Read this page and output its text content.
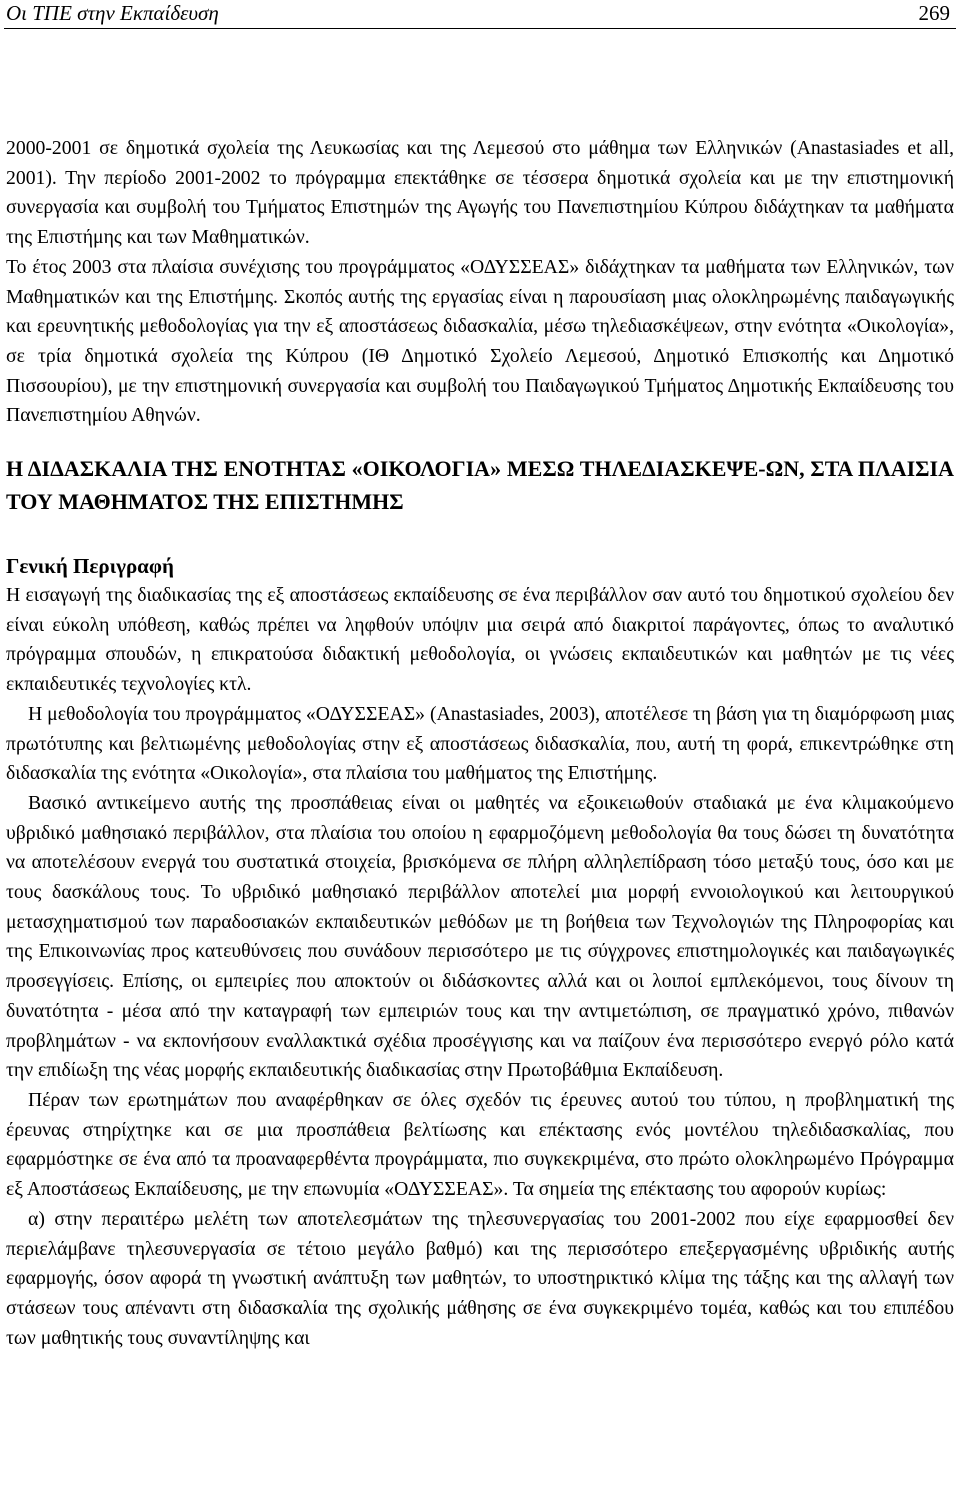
Οι ΤΠΕ στην Εκπαίδευση	269

2000-2001 σε δημοτικά σχολεία της Λευκωσίας και της Λεμεσού στο μάθημα των Ελληνικών (Anastasiades et all, 2001). Την περίοδο 2001-2002 το πρόγραμμα επεκτάθηκε σε τέσσερα δημοτικά σχολεία και με την επιστημονική συνεργασία και συμβολή του Τμήματος Επιστημών της Αγωγής του Πανεπιστημίου Κύπρου διδάχτηκαν τα μαθήματα της Επιστήμης και των Μαθηματικών.

Το έτος 2003 στα πλαίσια συνέχισης του προγράμματος «ΟΔΥΣΣΕΑΣ» διδάχτηκαν τα μαθήματα των Ελληνικών, των Μαθηματικών και της Επιστήμης. Σκοπός αυτής της εργασίας είναι η παρουσίαση μιας ολοκληρωμένης παιδαγωγικής και ερευνητικής μεθοδολογίας για την εξ αποστάσεως διδασκαλία, μέσω τηλεδιασκέψεων, στην ενότητα «Οικολογία», σε τρία δημοτικά σχολεία της Κύπρου (ΙΘ Δημοτικό Σχολείο Λεμεσού, Δημοτικό Επισκοπής και Δημοτικό Πισσουρίου), με την επιστημονική συνεργασία και συμβολή του Παιδαγωγικού Τμήματος Δημοτικής Εκπαίδευσης του Πανεπιστημίου Αθηνών.

Η ΔΙΔΑΣΚΑΛΙΑ ΤΗΣ ΕΝΟΤΗΤΑΣ «ΟΙΚΟΛΟΓΙΑ» ΜΕΣΩ ΤΗΛΕΔΙΑΣΚΕΨΕ-ΩΝ, ΣΤΑ ΠΛΑΙΣΙΑ ΤΟΥ ΜΑΘΗΜΑΤΟΣ ΤΗΣ ΕΠΙΣΤΗΜΗΣ
Γενική Περιγραφή

Η εισαγωγή της διαδικασίας της εξ αποστάσεως εκπαίδευσης σε ένα περιβάλλον σαν αυτό του δημοτικού σχολείου δεν είναι εύκολη υπόθεση, καθώς πρέπει να ληφθούν υπόψιν μια σειρά από διακριτοί παράγοντες, όπως το αναλυτικό πρόγραμμα σπουδών, η επικρατούσα διδακτική μεθοδολογία, οι γνώσεις εκπαιδευτικών και μαθητών με τις νέες εκπαιδευτικές τεχνολογίες κτλ.

Η μεθοδολογία του προγράμματος «ΟΔΥΣΣΕΑΣ» (Anastasiades, 2003), αποτέλεσε τη βάση για τη διαμόρφωση μιας πρωτότυπης και βελτιωμένης μεθοδολογίας στην εξ αποστάσεως διδασκαλία, που, αυτή τη φορά, επικεντρώθηκε στη διδασκαλία της ενότητα «Οικολογία», στα πλαίσια του μαθήματος της Επιστήμης.

Βασικό αντικείμενο αυτής της προσπάθειας είναι οι μαθητές να εξοικειωθούν σταδιακά με ένα κλιμακούμενο υβριδικό μαθησιακό περιβάλλον, στα πλαίσια του οποίου η εφαρμοζόμενη μεθοδολογία θα τους δώσει τη δυνατότητα να αποτελέσουν ενεργά του συστατικά στοιχεία, βρισκόμενα σε πλήρη αλληλεπίδραση τόσο μεταξύ τους, όσο και με τους δασκάλους τους. Το υβριδικό μαθησιακό περιβάλλον αποτελεί μια μορφή εννοιολογικού και λειτουργικού μετασχηματισμού των παραδοσιακών εκπαιδευτικών μεθόδων με τη βοήθεια των Τεχνολογιών της Πληροφορίας και της Επικοινωνίας προς κατευθύνσεις που συνάδουν περισσότερο με τις σύγχρονες επιστημολογικές και παιδαγωγικές προσεγγίσεις. Επίσης, οι εμπειρίες που αποκτούν οι διδάσκοντες αλλά και οι λοιποί εμπλεκόμενοι, τους δίνουν τη δυνατότητα - μέσα από την καταγραφή των εμπειριών τους και την αντιμετώπιση, σε πραγματικό χρόνο, πιθανών προβλημάτων - να εκπονήσουν εναλλακτικά σχέδια προσέγγισης και να παίζουν ένα περισσότερο ενεργό ρόλο κατά την επιδίωξη της νέας μορφής εκπαιδευτικής διαδικασίας στην Πρωτοβάθμια Εκπαίδευση.

Πέραν των ερωτημάτων που αναφέρθηκαν σε όλες σχεδόν τις έρευνες αυτού του τύπου, η προβληματική της έρευνας στηρίχτηκε και σε μια προσπάθεια βελτίωσης και επέκτασης ενός μοντέλου τηλεδιδασκαλίας, που εφαρμόστηκε σε ένα από τα προαναφερθέντα προγράμματα, πιο συγκεκριμένα, στο πρώτο ολοκληρωμένο Πρόγραμμα εξ Αποστάσεως Εκπαίδευσης, με την επωνυμία «ΟΔΥΣΣΕΑΣ». Τα σημεία της επέκτασης του αφορούν κυρίως:

α) στην περαιτέρω μελέτη των αποτελεσμάτων της τηλεσυνεργασίας του 2001-2002 που είχε εφαρμοσθεί δεν περιελάμβανε τηλεσυνεργασία σε τέτοιο μεγάλο βαθμό) και της περισσότερο επεξεργασμένης υβριδικής αυτής εφαρμογής, όσον αφορά τη γνωστική ανάπτυξη των μαθητών, το υποστηρικτικό κλίμα της τάξης και της αλλαγή των στάσεων τους απέναντι στη διδασκαλία της σχολικής μάθησης σε ένα συγκεκριμένο τομέα, καθώς και του επιπέδου των μαθητικής τους συναντίληψης και
